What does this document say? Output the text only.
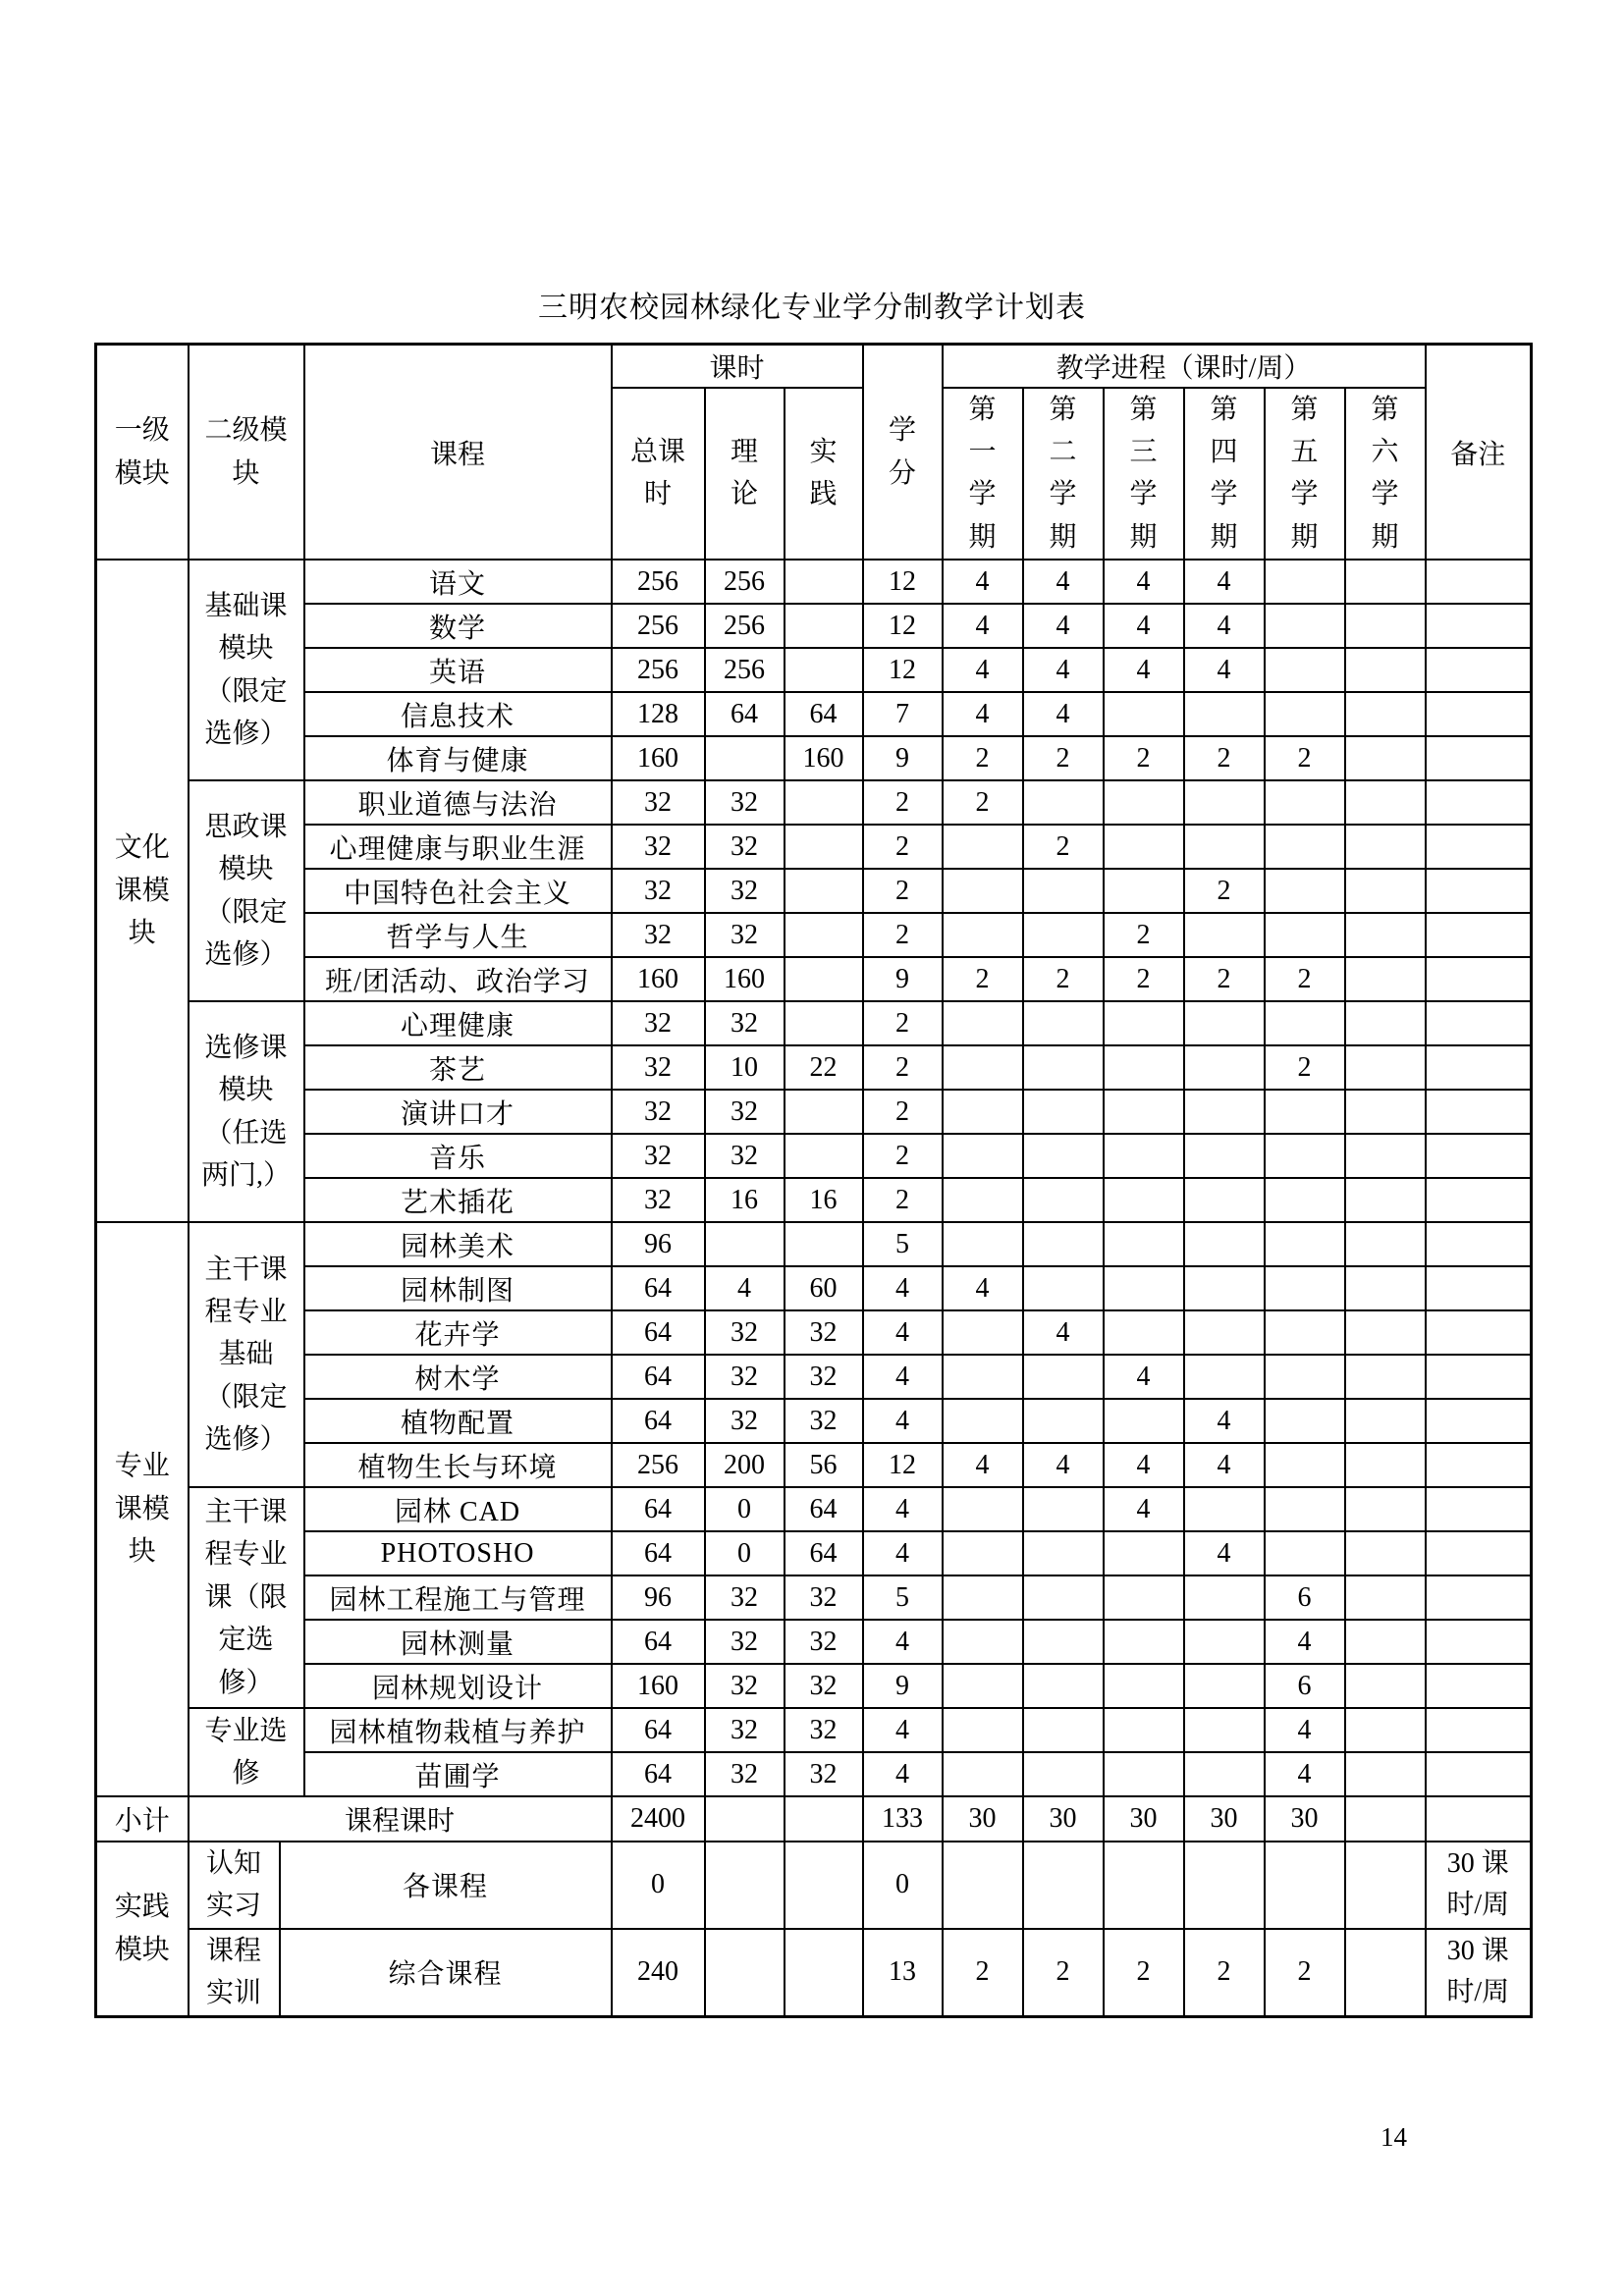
三明农校园林绿化专业学分制教学计划表
一级模块	二级模块		课程	课时			学分	教学进程（课时/周）						备注
				总课时	理论	实践		第一学期	第二学期	第三学期	第四学期	第五学期	第六学期	
文化课模块	基础课模块（限定选修）		语文	256	256		12	4	4	4	4			
			数学	256	256		12	4	4	4	4			
			英语	256	256		12	4	4	4	4			
			信息技术	128	64	64	7	4	4					
			体育与健康	160		160	9	2	2	2	2	2		
	思政课模块（限定选修）		职业道德与法治	32	32		2	2						
			心理健康与职业生涯	32	32		2		2					
			中国特色社会主义	32	32		2				2			
			哲学与人生	32	32		2			2				
			班/团活动、政治学习	160	160		9	2	2	2	2	2		
	选修课模块（任选两门,）		心理健康	32	32		2							
			茶艺	32	10	22	2					2		
			演讲口才	32	32		2							
			音乐	32	32		2							
			艺术插花	32	16	16	2							
专业课模块	主干课程专业基础（限定选修）		园林美术	96			5							
			园林制图	64	4	60	4	4						
			花卉学	64	32	32	4		4					
			树木学	64	32	32	4			4				
			植物配置	64	32	32	4				4			
			植物生长与环境	256	200	56	12	4	4	4	4			
	主干课程专业课（限定选修）		园林 CAD	64	0	64	4			4				
			PHOTOSHO	64	0	64	4				4			
			园林工程施工与管理	96	32	32	5					6		
			园林测量	64	32	32	4					4		
			园林规划设计	160	32	32	9					6		
	专业选修		园林植物栽植与养护	64	32	32	4					4		
			苗圃学	64	32	32	4					4		
小计	课程课时			2400			133	30	30	30	30	30		
实践模块	认知实习	各课程		0			0							30 课时/周
	课程实训	综合课程		240			13	2	2	2	2	2		30 课时/周
14
